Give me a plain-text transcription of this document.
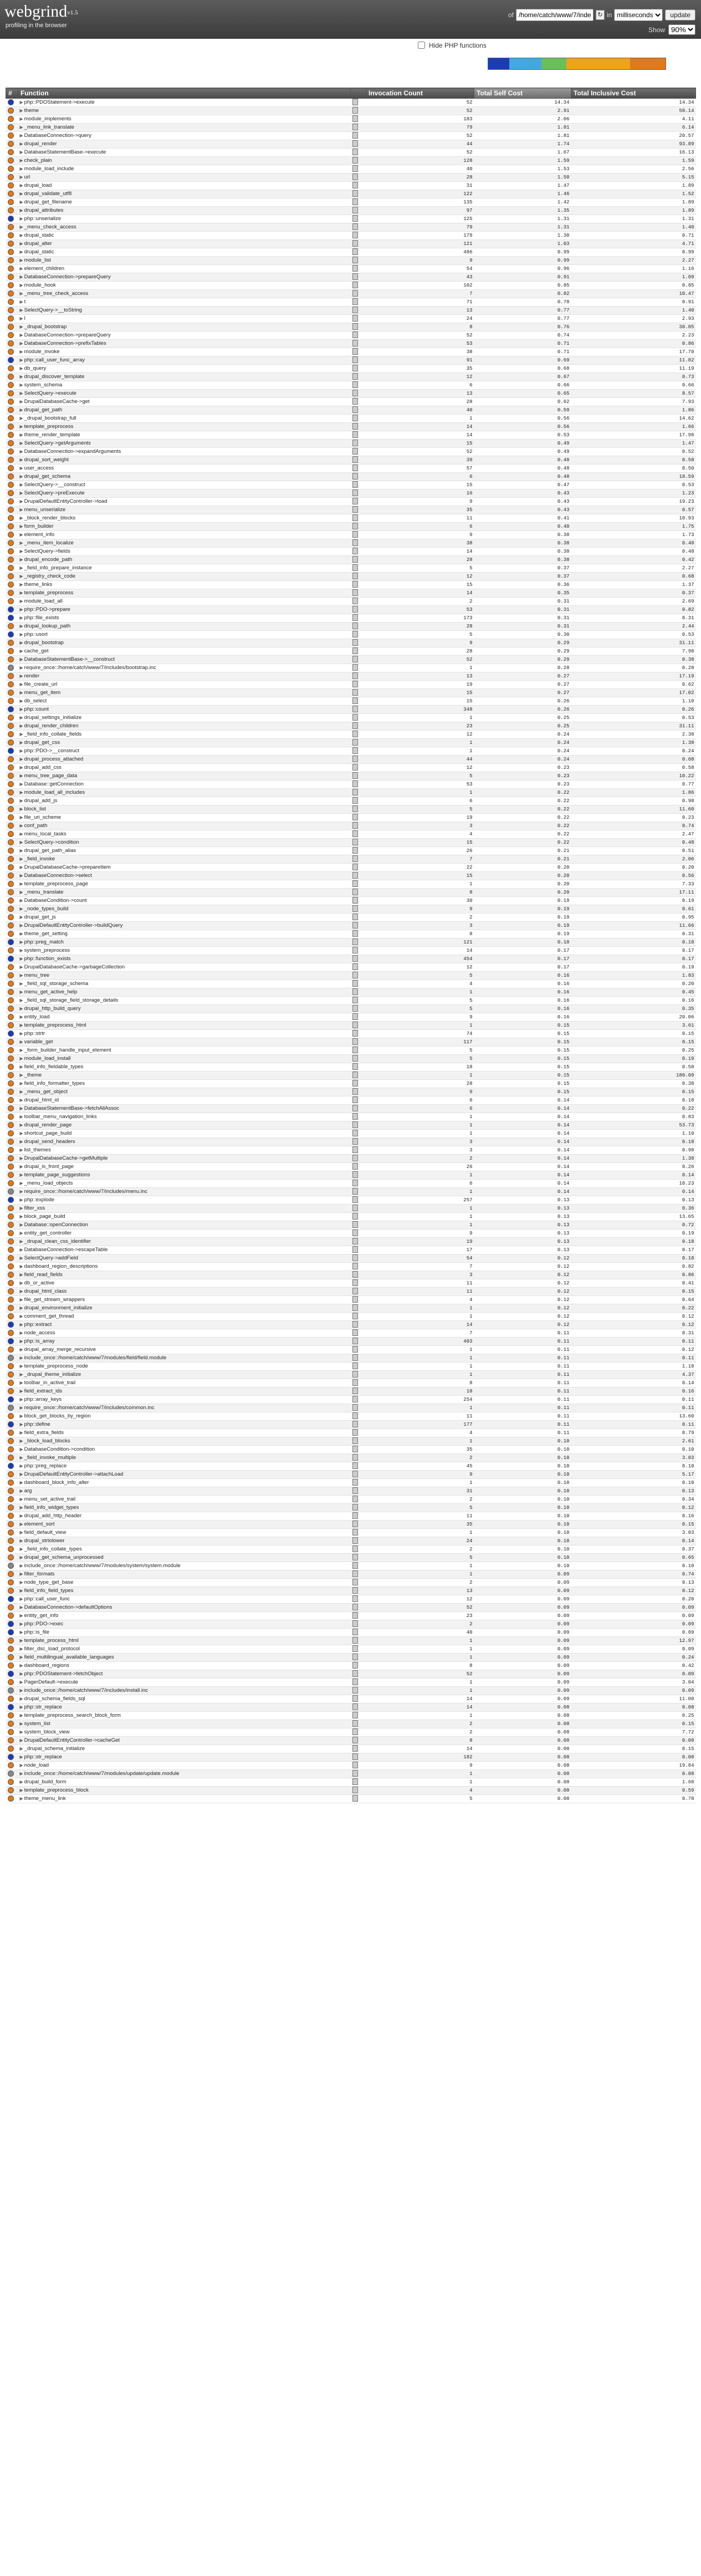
webgrind$^{v1.5}$
profiling in the browser
of
/home/catch/www/7/index...	↻ in
milliseconds	update
Show
90%
Hide PHP functions
#	Function		Invocation Count	Total Self Cost	Total Inclusive Cost
	▶ php::PDOStatement->execute		52	14.34	14.34
	▶ theme		52	2.91	58.14
	▶ module_implements		183	2.06	4.11
	▶ _menu_link_translate		79	1.81	6.14
	▶ DatabaseConnection->query		52	1.81	20.57
	▶ drupal_render		44	1.74	93.89
	▶ DatabaseStatementBase->execute		52	1.67	16.13
	▶ check_plain		128	1.59	1.59
	▶ module_load_include		40	1.53	2.56
	▶ url		28	1.50	5.15
	▶ drupal_load		31	1.47	1.89
	▶ drupal_validate_utf8		122	1.46	1.52
	▶ drupal_get_filename		135	1.42	1.89
	▶ drupal_attributes		97	1.35	1.89
	▶ php::unserialize		125	1.31	1.31
	▶ _menu_check_access		79	1.31	1.40
	▶ drupal_static		179	1.30	0.71
	▶ drupal_alter		121	1.03	4.71
	▶ drupal_static		486	0.99	0.99
	▶ module_list		9	0.99	2.27
	▶ element_children		54	0.96	1.16
	▶ DatabaseConnection->prepareQuery		43	0.91	1.09
	▶ module_hook		102	0.85	0.85
	▶ _menu_tree_check_access		7	0.82	10.47
	▶ t		71	0.78	0.91
	▶ SelectQuery->__toString		13	0.77	1.40
	▶ l		24	0.77	2.93
	▶ _drupal_bootstrap		8	0.76	30.85
	▶ DatabaseConnection->prepareQuery		52	0.74	2.23
	▶ DatabaseConnection->prefixTables		53	0.71	0.86
	▶ module_invoke		38	0.71	17.70
	▶ php::call_user_func_array		91	0.69	11.82
	▶ db_query		35	0.68	11.19
	▶ drupal_discover_template		12	0.67	0.73
	▶ system_schema		6	0.66	0.66
	▶ SelectQuery->execute		13	0.65	8.57
	▶ DrupalDatabaseCache->get		28	0.62	7.93
	▶ drupal_get_path		40	0.59	1.86
	▶ _drupal_bootstrap_full		1	0.56	14.62
	▶ template_preprocess		14	0.56	1.66
	▶ theme_render_template		14	0.53	17.98
	▶ SelectQuery->getArguments		15	0.49	1.47
	▶ DatabaseConnection->expandArguments		52	0.49	0.52
	▶ drupal_sort_weight		39	0.48	0.58
	▶ user_access		57	0.48	0.50
	▶ drupal_get_schema		6	0.48	18.59
	▶ SelectQuery->__construct		15	0.47	0.53
	▶ SelectQuery->preExecute		16	0.43	1.23
	▶ DrupalDefaultEntityController->load		9	0.43	19.23
	▶ menu_unserialize		35	0.43	0.57
	▶ _block_render_blocks		11	0.41	10.93
	▶ form_builder		6	0.40	1.75
	▶ element_info		9	0.38	1.73
	▶ _menu_item_localize		38	0.38	0.48
	▶ SelectQuery->fields		14	0.38	0.48
	▶ drupal_encode_path		28	0.38	0.42
	▶ _field_info_prepare_instance		5	0.37	2.27
	▶ _registry_check_code		12	0.37	0.68
	▶ theme_links		15	0.36	1.37
	▶ template_preprocess		14	0.35	0.37
	▶ module_load_all		2	0.31	2.69
	▶ php::PDO->prepare		53	0.31	0.82
	▶ php::file_exists		173	0.31	0.31
	▶ drupal_lookup_path		28	0.31	2.44
	▶ php::usort		5	0.30	0.53
	▶ drupal_bootstrap		9	0.29	31.11
	▶ cache_get		28	0.29	7.98
	▶ DatabaseStatementBase->__construct		52	0.29	0.38
	▶ require_once::/home/catch/www/7/includes/bootstrap.inc		1	0.28	0.28
	▶ render		13	0.27	17.19
	▶ file_create_url		19	0.27	0.62
	▶ menu_get_item		15	0.27	17.02
	▶ db_select		15	0.26	1.10
	▶ php::count		348	0.26	0.26
	▶ drupal_settings_initialize		1	0.25	0.53
	▶ drupal_render_children		23	0.25	31.11
	▶ _field_info_collate_fields		12	0.24	2.38
	▶ drupal_get_css		1	0.24	1.38
	▶ php::PDO->__construct		1	0.24	0.24
	▶ drupal_process_attached		44	0.24	0.68
	▶ drupal_add_css		12	0.23	0.58
	▶ menu_tree_page_data		5	0.23	10.22
	▶ Database::getConnection		53	0.23	0.77
	▶ module_load_all_includes		1	0.22	1.86
	▶ drupal_add_js		6	0.22	0.98
	▶ block_list		5	0.22	11.60
	▶ file_uri_scheme		19	0.22	0.23
	▶ conf_path		3	0.22	0.74
	▶ menu_local_tasks		4	0.22	2.47
	▶ SelectQuery->condition		15	0.22	0.48
	▶ drupal_get_path_alias		26	0.21	0.51
	▶ _field_invoke		7	0.21	2.06
	▶ DrupalDatabaseCache->prepareItem		22	0.20	0.20
	▶ DatabaseConnection->select		15	0.20	0.56
	▶ template_preprocess_page		1	0.20	7.33
	▶ _menu_translate		8	0.20	17.11
	▶ DatabaseCondition->count		30	0.19	0.19
	▶ _node_types_build		9	0.19	0.61
	▶ drupal_get_js		2	0.19	0.95
	▶ DrupalDefaultEntityController->buildQuery		3	0.19	11.66
	▶ theme_get_setting		8	0.19	0.31
	▶ php::preg_match		121	0.18	0.18
	▶ system_preprocess		14	0.17	0.17
	▶ php::function_exists		454	0.17	0.17
	▶ DrupalDatabaseCache->garbageCollection		12	0.17	0.19
	▶ menu_tree		5	0.16	1.83
	▶ _field_sql_storage_schema		4	0.16	0.20
	▶ menu_get_active_help		1	0.16	0.45
	▶ _field_sql_storage_field_storage_details		5	0.16	0.16
	▶ drupal_http_build_query		5	0.16	0.35
	▶ entity_load		9	0.16	20.06
	▶ template_preprocess_html		1	0.15	3.61
	▶ php::strtr		74	0.15	0.15
	▶ variable_get		117	0.15	0.15
	▶ _form_builder_handle_input_element		5	0.15	0.25
	▶ module_load_install		5	0.15	0.19
	▶ field_info_fieldable_types		18	0.15	0.58
	▶ _theme		1	0.15	180.09
	▶ field_info_formatter_types		28	0.15	0.38
	▶ _menu_get_object		9	0.15	0.15
	▶ drupal_html_id		6	0.14	0.18
	▶ DatabaseStatementBase->fetchAllAssoc		6	0.14	0.22
	▶ toolbar_menu_navigation_links		1	0.14	0.83
	▶ drupal_render_page		1	0.14	53.73
	▶ shortcut_page_build		1	0.14	1.10
	▶ drupal_send_headers		3	0.14	0.18
	▶ list_themes		3	0.14	0.98
	▶ DrupalDatabaseCache->getMultiple		2	0.14	1.38
	▶ drupal_is_front_page		26	0.14	0.26
	▶ template_page_suggestions		1	0.14	0.14
	▶ _menu_load_objects		6	0.14	10.23
	▶ require_once::/home/catch/www/7/includes/menu.inc		1	0.14	0.14
	▶ php::explode		257	0.13	0.13
	▶ filter_xss		1	0.13	0.36
	▶ block_page_build		1	0.13	13.65
	▶ Database::openConnection		1	0.13	0.72
	▶ entity_get_controller		9	0.13	0.19
	▶ _drupal_clean_css_identifier		19	0.13	0.18
	▶ DatabaseConnection->escapeTable		17	0.13	0.17
	▶ SelectQuery->addField		54	0.12	0.18
	▶ dashboard_region_descriptions		7	0.12	0.82
	▶ field_read_fields		3	0.12	0.86
	▶ db_or_active		11	0.12	0.41
	▶ drupal_html_class		11	0.12	0.15
	▶ file_get_stream_wrappers		4	0.12	0.64
	▶ drupal_environment_initialize		1	0.12	0.22
	▶ comment_get_thread		1	0.12	0.12
	▶ php::extract		14	0.12	0.12
	▶ node_access		7	0.11	0.31
	▶ php::is_array		403	0.11	0.11
	▶ drupal_array_merge_recursive		1	0.11	0.12
	▶ include_once::/home/catch/www/7/modules/field/field.module		1	0.11	0.11
	▶ template_preprocess_node		1	0.11	1.18
	▶ _drupal_theme_initialize		1	0.11	4.37
	▶ toolbar_in_active_trail		8	0.11	0.14
	▶ field_extract_ids		18	0.11	0.16
	▶ php::array_keys		254	0.11	0.11
	▶ require_once::/home/catch/www/7/includes/common.inc		1	0.11	0.11
	▶ block_get_blocks_by_region		11	0.11	13.60
	▶ php::define		177	0.11	0.11
	▶ field_extra_fields		4	0.11	0.79
	▶ _block_load_blocks		1	0.10	2.61
	▶ DatabaseCondition->condition		35	0.10	0.10
	▶ _field_invoke_multiple		2	0.10	3.03
	▶ php::preg_replace		45	0.10	0.10
	▶ DrupalDefaultEntityController->attachLoad		9	0.10	5.17
	▶ dashboard_block_info_alter		1	0.10	0.10
	▶ arg		31	0.10	0.13
	▶ menu_set_active_trail		2	0.10	0.34
	▶ field_info_widget_types		5	0.10	0.12
	▶ drupal_add_http_header		11	0.10	0.16
	▶ element_sort		35	0.10	0.15
	▶ field_default_view		1	0.10	3.03
	▶ drupal_strtolower		24	0.10	0.14
	▶ _field_info_collate_types		2	0.10	0.37
	▶ drupal_get_schema_unprocessed		5	0.10	0.65
	▶ include_once::/home/catch/www/7/modules/system/system.module		1	0.10	0.10
	▶ filter_formats		1	0.09	0.74
	▶ node_type_get_base		2	0.09	0.13
	▶ field_info_field_types		13	0.09	0.12
	▶ php::call_user_func		12	0.09	0.20
	▶ DatabaseConnection->defaultOptions		52	0.09	0.09
	▶ entity_get_info		23	0.09	0.09
	▶ php::PDO->exec		2	0.09	0.09
	▶ php::is_file		40	0.09	0.09
	▶ template_process_html		1	0.09	12.97
	▶ filter_dsc_load_protocol		1	0.09	0.09
	▶ field_multilingual_available_languages		1	0.09	0.24
	▶ dashboard_regions		8	0.09	0.42
	▶ php::PDOStatement->fetchObject		52	0.09	0.09
	▶ PagerDefault->execute		1	0.09	3.04
	▶ include_once::/home/catch/www/7/includes/install.inc		1	0.09	0.09
	▶ drupal_schema_fields_sql		14	0.09	11.00
	▶ php::str_replace		14	0.08	0.08
	▶ template_preprocess_search_block_form		1	0.08	0.25
	▶ system_list		2	0.08	0.15
	▶ system_block_view		2	0.08	7.72
	▶ DrupalDefaultEntityController->cacheGet		8	0.08	0.08
	▶ _drupal_schema_initialize		14	0.08	0.15
	▶ php::str_replace		182	0.08	0.08
	▶ node_load		9	0.08	19.84
	▶ include_once::/home/catch/www/7/modules/update/update.module		1	0.08	0.08
	▶ drupal_build_form		1	0.08	1.68
	▶ template_preprocess_block		4	0.08	0.59
	▶ theme_menu_link		5	0.08	0.78
